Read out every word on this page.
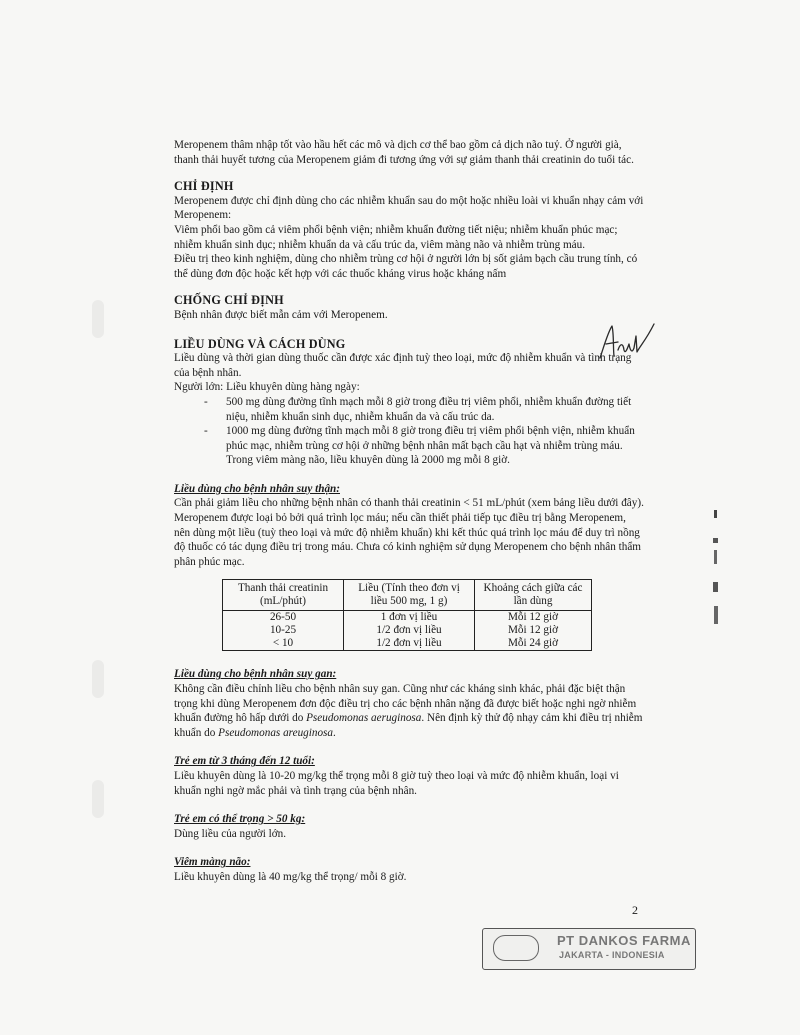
Meropenem thâm nhập tốt vào hầu hết các mô và dịch cơ thể bao gồm cả dịch não tuỷ. Ở người già, thanh thải huyết tương của Meropenem giảm đi tương ứng với sự giảm thanh thải creatinin do tuổi tác.

CHỈ ĐỊNH

Meropenem được chỉ định dùng cho các nhiễm khuẩn sau do một hoặc nhiều loài vi khuẩn nhạy cảm với Meropenem:

Viêm phổi bao gồm cả viêm phổi bệnh viện; nhiễm khuẩn đường tiết niệu; nhiễm khuẩn phúc mạc; nhiễm khuẩn sinh dục; nhiễm khuẩn da và cấu trúc da, viêm màng não và nhiễm trùng máu.

Điều trị theo kinh nghiệm, dùng cho nhiễm trùng cơ hội ở người lớn bị sốt giảm bạch cầu trung tính, có thể dùng đơn độc hoặc kết hợp với các thuốc kháng virus hoặc kháng nấm

CHỐNG CHỈ ĐỊNH

Bệnh nhân được biết mẫn cảm với Meropenem.

LIỀU DÙNG VÀ CÁCH DÙNG

Liều dùng và thời gian dùng thuốc cần được xác định tuỳ theo loại, mức độ nhiễm khuẩn và tình trạng của bệnh nhân.

Người lớn: Liều khuyên dùng hàng ngày:

- 500 mg dùng đường tĩnh mạch mỗi 8 giờ trong điều trị viêm phổi, nhiễm khuẩn đường tiết niệu, nhiễm khuẩn sinh dục, nhiễm khuẩn da và cấu trúc da.
- 1000 mg dùng đường tĩnh mạch mỗi 8 giờ trong điều trị viêm phổi bệnh viện, nhiễm khuẩn phúc mạc, nhiễm trùng cơ hội ở những bệnh nhân mất bạch cầu hạt và nhiễm trùng máu. Trong viêm màng não, liều khuyên dùng là 2000 mg mỗi 8 giờ.

Liều dùng cho bệnh nhân suy thận:

Cần phải giảm liều cho những bệnh nhân có thanh thải creatinin < 51 mL/phút (xem bảng liều dưới đây). Meropenem được loại bỏ bởi quá trình lọc máu; nếu cần thiết phải tiếp tục điều trị bằng Meropenem, nên dùng một liều (tuỳ theo loại và mức độ nhiễm khuẩn) khi kết thúc quá trình lọc máu để duy trì nồng độ thuốc có tác dụng điều trị trong máu. Chưa có kinh nghiệm sử dụng Meropenem cho bệnh nhân thẩm phân phúc mạc.

Thanh thải creatinin (mL/phút)	Liều (Tính theo đơn vị liều 500 mg, 1 g)	Khoảng cách giữa các lần dùng
26-50	1 đơn vị liều	Mỗi 12 giờ
10-25	1/2 đơn vị liều	Mỗi 12 giờ
< 10	1/2 đơn vị liều	Mỗi 24 giờ

Liều dùng cho bệnh nhân suy gan:

Không cần điều chỉnh liều cho bệnh nhân suy gan. Cũng như các kháng sinh khác, phải đặc biệt thận trọng khi dùng Meropenem đơn độc điều trị cho các bệnh nhân nặng đã được biết hoặc nghi ngờ nhiễm khuẩn đường hô hấp dưới do Pseudomonas aeruginosa. Nên định kỳ thử độ nhạy cảm khi điều trị nhiễm khuẩn do Pseudomonas areuginosa.

Trẻ em từ 3 tháng đến 12 tuổi:

Liều khuyên dùng là 10-20 mg/kg thể trọng mỗi 8 giờ tuỳ theo loại và mức độ nhiễm khuẩn, loại vi khuẩn nghi ngờ mắc phải và tình trạng của bệnh nhân.

Trẻ em có thể trọng > 50 kg:

Dùng liều của người lớn.

Viêm màng não:

Liều khuyên dùng là 40 mg/kg thể trọng/ mỗi 8 giờ.

2
PT DANKOS FARMA
JAKARTA - INDONESIA
